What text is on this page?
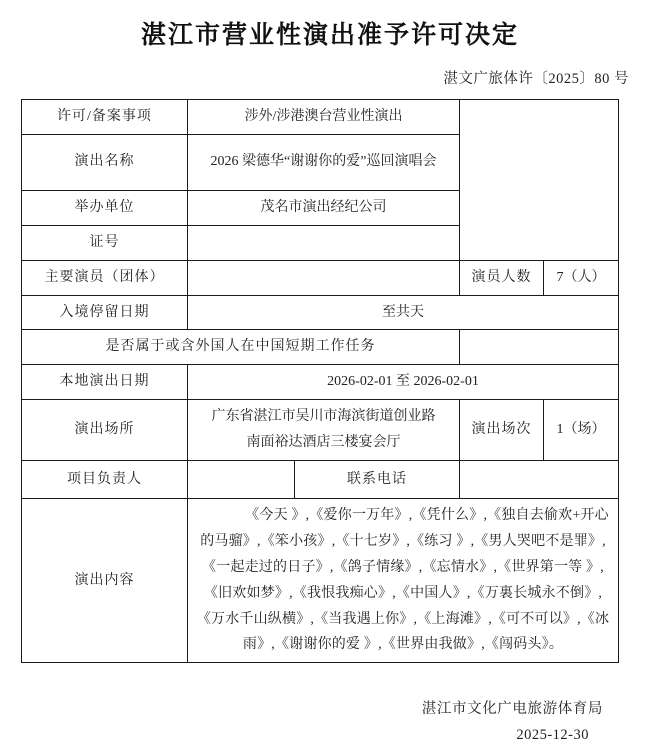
湛江市营业性演出准予许可决定
湛文广旅体许〔2025〕80 号
许可/备案事项	涉外/涉港澳台营业性演出			
演出名称	2026 梁德华“谢谢你的爱”巡回演唱会			
举办单位	茂名市演出经纪公司			
证号				
主要演员（团体）			演员人数	7（人）
入境停留日期	至共天			
是否属于或含外国人在中国短期工作任务				
本地演出日期	2026-02-01 至 2026-02-01			
演出场所	广东省湛江市吴川市海滨街道创业路
南面裕达酒店三楼宴会厅		演出场次	1（场）
项目负责人		联系电话		
演出内容	
《今天 》,《爱你一万年》,《凭什么》,《独自去偷欢+开心
的马骝》,《笨小孩》,《十七岁》,《练习 》,《男人哭吧不是罪》,
《一起走过的日子》,《鸽子情缘》,《忘情水》,《世界第一等 》,
《旧欢如梦》,《我恨我痴心》,《中国人》,《万裏长城永不倒》,
《万水千山纵横》,《当我遇上你》,《上海滩》,《可不可以》,《冰
雨》,《谢谢你的爱 》,《世界由我做》,《闯码头》。
湛江市文化广电旅游体育局
2025-12-30
